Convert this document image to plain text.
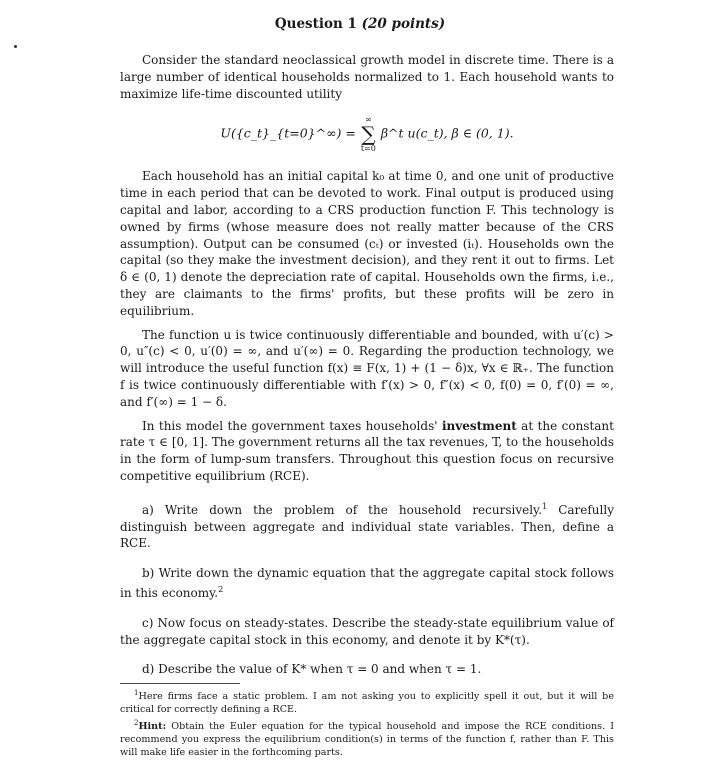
Question 1 (20 points)

Consider the standard neoclassical growth model in discrete time. There is a large number of identical households normalized to 1. Each household wants to maximize life-time discounted utility

U({c_t}_{t=0}^∞) =
∞
∑
t=0
β^t u(c_t), β ∈ (0, 1).

Each household has an initial capital k₀ at time 0, and one unit of productive time in each period that can be devoted to work. Final output is produced using capital and labor, according to a CRS production function F. This technology is owned by firms (whose measure does not really matter because of the CRS assumption). Output can be consumed (cₜ) or invested (iₜ). Households own the capital (so they make the investment decision), and they rent it out to firms. Let δ ∈ (0, 1) denote the depreciation rate of capital. Households own the firms, i.e., they are claimants to the firms' profits, but these profits will be zero in equilibrium.

The function u is twice continuously differentiable and bounded, with u′(c) > 0, u″(c) < 0, u′(0) = ∞, and u′(∞) = 0. Regarding the production technology, we will introduce the useful function f(x) ≡ F(x, 1) + (1 − δ)x, ∀x ∈ ℝ₊. The function f is twice continuously differentiable with f′(x) > 0, f″(x) < 0, f(0) = 0, f′(0) = ∞, and f′(∞) = 1 − δ.

In this model the government taxes households' investment at the constant rate τ ∈ [0, 1]. The government returns all the tax revenues, T, to the households in the form of lump-sum transfers. Throughout this question focus on recursive competitive equilibrium (RCE).

a) Write down the problem of the household recursively.$^1$ Carefully distinguish between aggregate and individual state variables. Then, define a RCE.

b) Write down the dynamic equation that the aggregate capital stock follows in this economy.$^2$

c) Now focus on steady-states. Describe the steady-state equilibrium value of the aggregate capital stock in this economy, and denote it by K*(τ).

d) Describe the value of K* when τ = 0 and when τ = 1.

$^1$Here firms face a static problem. I am not asking you to explicitly spell it out, but it will be critical for correctly defining a RCE.

$^2$Hint: Obtain the Euler equation for the typical household and impose the RCE conditions. I recommend you express the equilibrium condition(s) in terms of the function f, rather than F. This will make life easier in the forthcoming parts.
